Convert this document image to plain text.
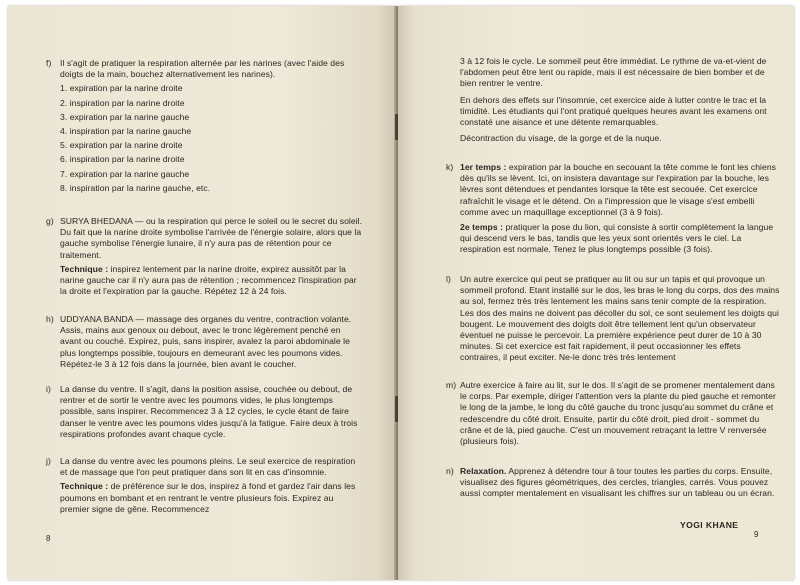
f) Il s'agit de pratiquer la respiration alternée par les narines (avec l'aide des doigts de la main, bouchez alternativement les narines).

1. expiration par la narine droite
2. inspiration par la narine droite
3. expiration par la narine gauche
4. inspiration par la narine gauche
5. expiration par la narine droite
6. inspiration par la narine droite
7. expiration par la narine gauche
8. inspiration par la narine gauche, etc.
g) SURYA BHEDANA — ou la respiration qui perce le soleil ou le secret du soleil. Du fait que la narine droite symbolise l'arrivée de l'énergie solaire, alors que la gauche symbolise l'énergie lunaire, il n'y aura pas de rétention pour ce traitement.

Technique : inspirez lentement par la narine droite, expirez aussitôt par la narine gauche car il n'y aura pas de rétention ; recommencez l'inspiration par la droite et l'expiration par la gauche. Répétez 12 à 24 fois.

h) UDDYANA BANDA — massage des organes du ventre, contraction volante. Assis, mains aux genoux ou debout, avec le tronc légèrement penché en avant ou couché. Expirez, puis, sans inspirer, avalez la paroi abdominale le plus longtemps possible, toujours en demeurant avec les poumons vides. Répétez-le 3 à 12 fois dans la journée, bien avant le coucher.

i) La danse du ventre. Il s'agit, dans la position assise, couchée ou debout, de rentrer et de sortir le ventre avec les poumons vides, le plus longtemps possible, sans inspirer. Recommencez 3 à 12 cycles, le cycle étant de faire danser le ventre avec les poumons vides jusqu'à la fatigue. Faire deux à trois respirations profondes avant chaque cycle.

j) La danse du ventre avec les poumons pleins. Le seul exercice de respiration et de massage que l'on peut pratiquer dans son lit en cas d'insomnie.

Technique : de préférence sur le dos, inspirez à fond et gardez l'air dans les poumons en bombant et en rentrant le ventre plusieurs fois. Expirez au premier signe de gêne. Recommencez

8

3 à 12 fois le cycle. Le sommeil peut être immédiat. Le rythme de va-et-vient de l'abdomen peut être lent ou rapide, mais il est nécessaire de bien bomber et de bien rentrer le ventre.

En dehors des effets sur l'insomnie, cet exercice aide à lutter contre le trac et la timidité. Les étudiants qui l'ont pratiqué quelques heures avant les examens ont constaté une aisance et une détente remarquables.

Décontraction du visage, de la gorge et de la nuque.

k) 1er temps : expiration par la bouche en secouant la tête comme le font les chiens dès qu'ils se lèvent. Ici, on insistera davantage sur l'expiration par la bouche, les lèvres sont détendues et pendantes lorsque la tête est secouée. Cet exercice rafraîchit le visage et le détend. On a l'impression que le visage s'est embelli comme avec un maquillage exceptionnel (3 à 9 fois).

2e temps : pratiquer la pose du lion, qui consiste à sortir complètement la langue qui descend vers le bas, tandis que les yeux sont orientés vers le ciel. La respiration est normale. Tenez le plus longtemps possible (3 fois).

l) Un autre exercice qui peut se pratiquer au lit ou sur un tapis et qui provoque un sommeil profond. Etant installé sur le dos, les bras le long du corps, dos des mains au sol, fermez très très lentement les mains sans tenir compte de la respiration. Les dos des mains ne doivent pas décoller du sol, ce sont seulement les doigts qui bougent. Le mouvement des doigts doit être tellement lent qu'un observateur éventuel ne puisse le percevoir. La première expérience peut durer de 10 à 30 minutes. Si cet exercice est fait rapidement, il peut occasionner les effets contraires, il peut exciter. Ne-le donc très très lentement

m) Autre exercice à faire au lit, sur le dos. Il s'agit de se promener mentalement dans le corps. Par exemple, diriger l'attention vers la plante du pied gauche et remonter le long de la jambe, le long du côté gauche du tronc jusqu'au sommet du crâne et redescendre du côté droit. Ensuite, partir du côté droit, pied droit - sommet du crâne et de là, pied gauche. C'est un mouvement retraçant la lettre V renversée (plusieurs fois).

n) Relaxation. Apprenez à détendre tour à tour toutes les parties du corps. Ensuite, visualisez des figures géométriques, des cercles, triangles, carrés. Vous pouvez aussi compter mentalement en visualisant les chiffres sur un tableau ou un écran.

YOGI KHANE
9
